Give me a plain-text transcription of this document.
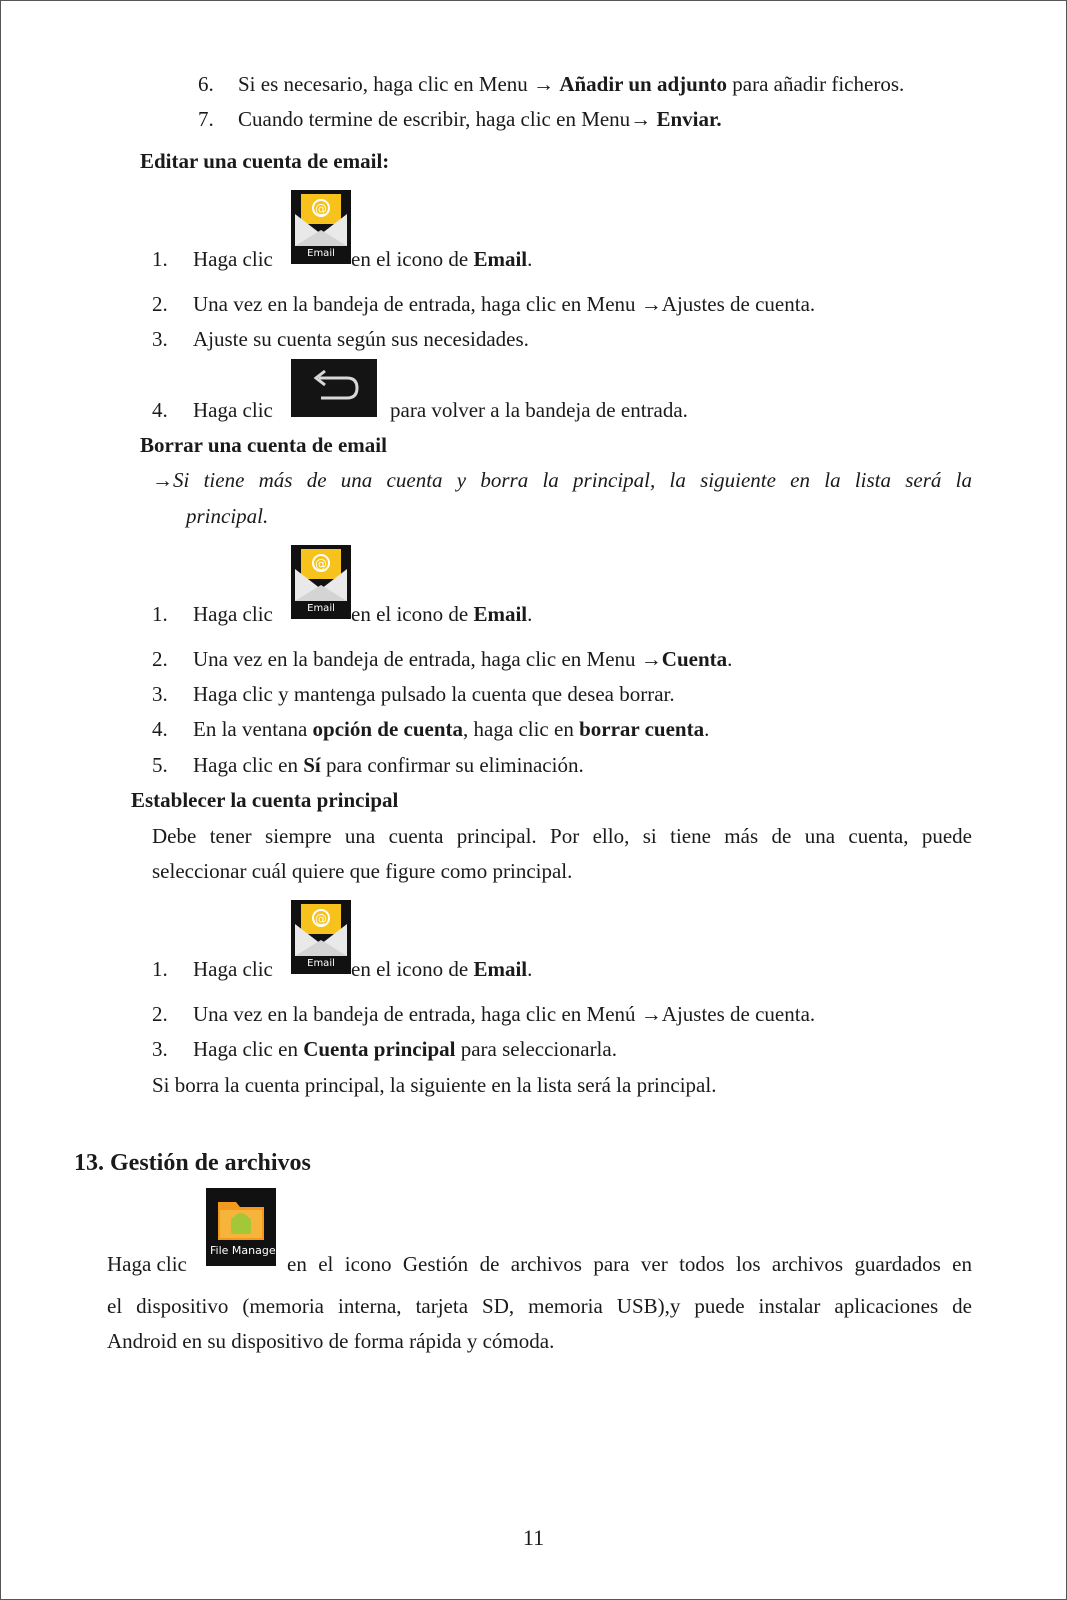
6. Si es necesario, haga clic en Menu → Añadir un adjunto para añadir ficheros.
7. Cuando termine de escribir, haga clic en Menu→ Enviar.
Editar una cuenta de email:
@
Email
1. Haga clic	en el icono de Email.
2. Una vez en la bandeja de entrada, haga clic en Menu →Ajustes de cuenta.
3. Ajuste su cuenta según sus necesidades.
4. Haga clic	para volver a la bandeja de entrada.
Borrar una cuenta de email
→Si tiene más de una cuenta y borra la principal, la siguiente en la lista será la
principal.
@
Email
1. Haga clic	en el icono de Email.
2. Una vez en la bandeja de entrada, haga clic en Menu →Cuenta.
3. Haga clic y mantenga pulsado la cuenta que desea borrar.
4. En la ventana opción de cuenta, haga clic en borrar cuenta.
5. Haga clic en Sí para confirmar su eliminación.
Establecer la cuenta principal
Debe tener siempre una cuenta principal. Por ello, si tiene más de una cuenta, puede
seleccionar cuál quiere que figure como principal.
@
Email
1. Haga clic	en el icono de Email.
2. Una vez en la bandeja de entrada, haga clic en Menú →Ajustes de cuenta.
3. Haga clic en Cuenta principal para seleccionarla.
Si borra la cuenta principal, la siguiente en la lista será la principal.
13. Gestión de archivos
File Manage
Haga clic	en el icono Gestión de archivos para ver todos los archivos guardados en
el dispositivo (memoria interna, tarjeta SD, memoria USB),y puede instalar aplicaciones de
Android en su dispositivo de forma rápida y cómoda.
11
